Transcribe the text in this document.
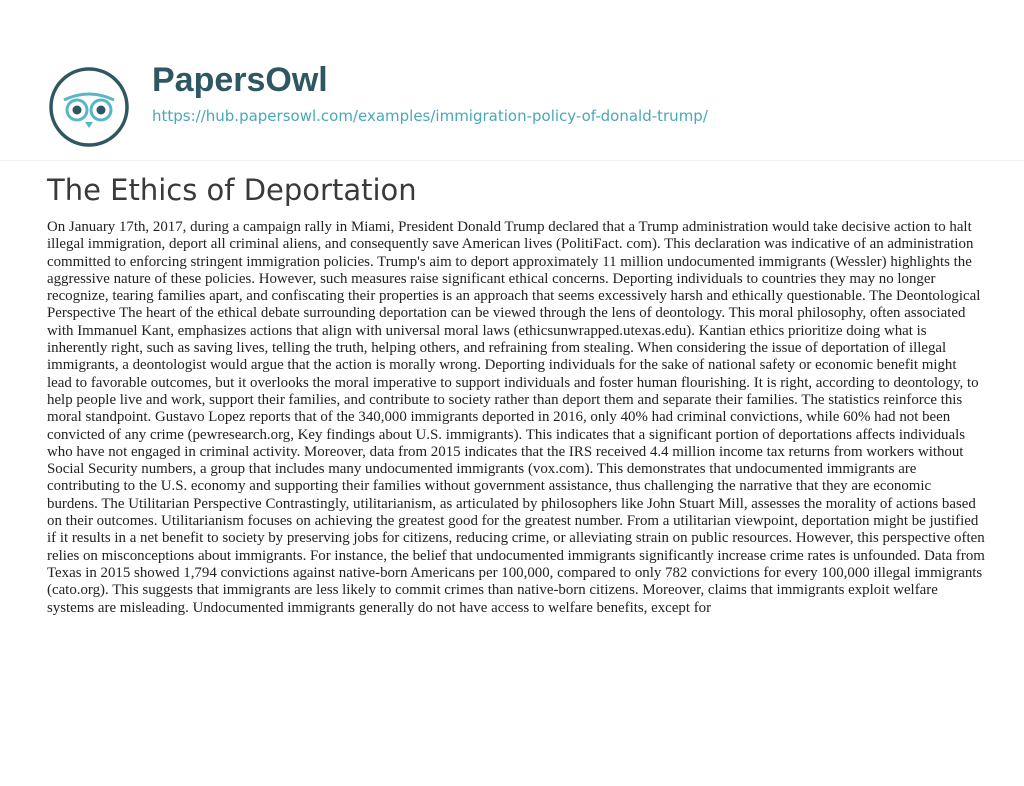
PapersOwl
https://hub.papersowl.com/examples/immigration-policy-of-donald-trump/
The Ethics of Deportation

On January 17th, 2017, during a campaign rally in Miami, President Donald Trump declared that a Trump administration would take decisive action to halt illegal immigration, deport all criminal aliens, and consequently save American lives (PolitiFact. com). This declaration was indicative of an administration committed to enforcing stringent immigration policies. Trump's aim to deport approximately 11 million undocumented immigrants (Wessler) highlights the aggressive nature of these policies. However, such measures raise significant ethical concerns. Deporting individuals to countries they may no longer recognize, tearing families apart, and confiscating their properties is an approach that seems excessively harsh and ethically questionable. The Deontological Perspective The heart of the ethical debate surrounding deportation can be viewed through the lens of deontology. This moral philosophy, often associated with Immanuel Kant, emphasizes actions that align with universal moral laws (ethicsunwrapped.utexas.edu). Kantian ethics prioritize doing what is inherently right, such as saving lives, telling the truth, helping others, and refraining from stealing. When considering the issue of deportation of illegal immigrants, a deontologist would argue that the action is morally wrong. Deporting individuals for the sake of national safety or economic benefit might lead to favorable outcomes, but it overlooks the moral imperative to support individuals and foster human flourishing. It is right, according to deontology, to help people live and work, support their families, and contribute to society rather than deport them and separate their families. The statistics reinforce this moral standpoint. Gustavo Lopez reports that of the 340,000 immigrants deported in 2016, only 40% had criminal convictions, while 60% had not been convicted of any crime (pewresearch.org, Key findings about U.S. immigrants). This indicates that a significant portion of deportations affects individuals who have not engaged in criminal activity. Moreover, data from 2015 indicates that the IRS received 4.4 million income tax returns from workers without Social Security numbers, a group that includes many undocumented immigrants (vox.com). This demonstrates that undocumented immigrants are contributing to the U.S. economy and supporting their families without government assistance, thus challenging the narrative that they are economic burdens. The Utilitarian Perspective Contrastingly, utilitarianism, as articulated by philosophers like John Stuart Mill, assesses the morality of actions based on their outcomes. Utilitarianism focuses on achieving the greatest good for the greatest number. From a utilitarian viewpoint, deportation might be justified if it results in a net benefit to society by preserving jobs for citizens, reducing crime, or alleviating strain on public resources. However, this perspective often relies on misconceptions about immigrants. For instance, the belief that undocumented immigrants significantly increase crime rates is unfounded. Data from Texas in 2015 showed 1,794 convictions against native-born Americans per 100,000, compared to only 782 convictions for every 100,000 illegal immigrants (cato.org). This suggests that immigrants are less likely to commit crimes than native-born citizens. Moreover, claims that immigrants exploit welfare systems are misleading. Undocumented immigrants generally do not have access to welfare benefits, except for
